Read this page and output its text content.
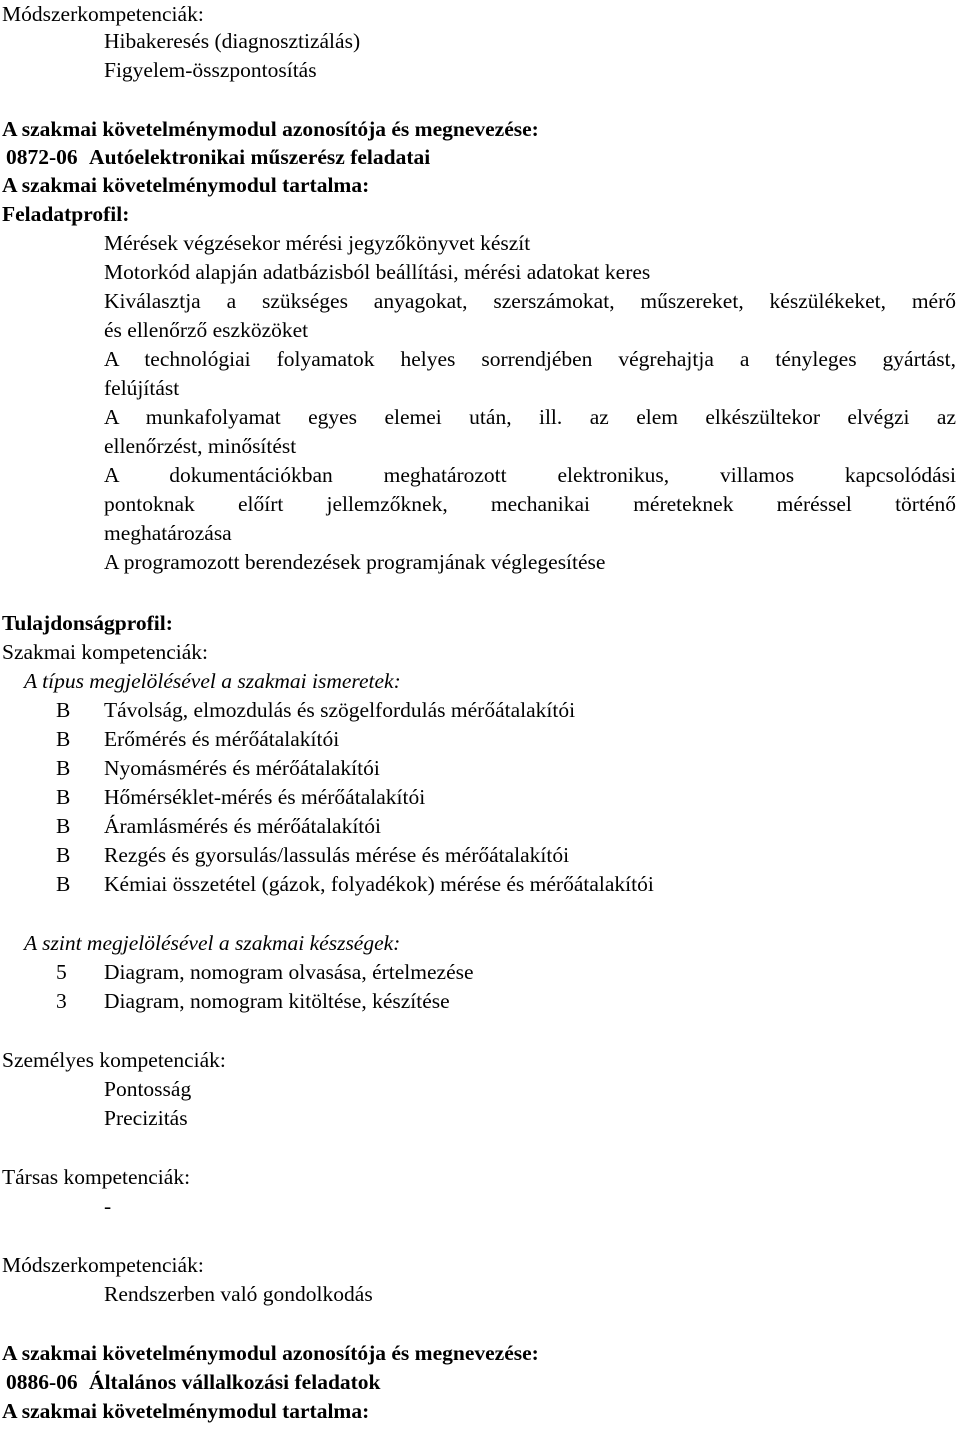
Módszerkompetenciák:
Hibakeresés (diagnosztizálás)
Figyelem-összpontosítás
A szakmai követelménymodul azonosítója és megnevezése:
0872-06 Autóelektronikai műszerész feladatai
A szakmai követelménymodul tartalma:
Feladatprofil:
Mérések végzésekor mérési jegyzőkönyvet készít
Motorkód alapján adatbázisból beállítási, mérési adatokat keres
Kiválasztja a szükséges anyagokat, szerszámokat, műszereket, készülékeket, mérő
és ellenőrző eszközöket
A technológiai folyamatok helyes sorrendjében végrehajtja a tényleges gyártást,
felújítást
A munkafolyamat egyes elemei után, ill. az elem elkészültekor elvégzi az
ellenőrzést, minősítést
A dokumentációkban meghatározott elektronikus, villamos kapcsolódási
pontoknak előírt jellemzőknek, mechanikai méreteknek méréssel történő
meghatározása
A programozott berendezések programjának véglegesítése
Tulajdonságprofil:
Szakmai kompetenciák:
A típus megjelölésével a szakmai ismeretek:
B Távolság, elmozdulás és szögelfordulás mérőátalakítói
B Erőmérés és mérőátalakítói
B Nyomásmérés és mérőátalakítói
B Hőmérséklet-mérés és mérőátalakítói
B Áramlásmérés és mérőátalakítói
B Rezgés és gyorsulás/lassulás mérése és mérőátalakítói
B Kémiai összetétel (gázok, folyadékok) mérése és mérőátalakítói
A szint megjelölésével a szakmai készségek:
5 Diagram, nomogram olvasása, értelmezése
3 Diagram, nomogram kitöltése, készítése
Személyes kompetenciák:
Pontosság
Precizitás
Társas kompetenciák:
-
Módszerkompetenciák:
Rendszerben való gondolkodás
A szakmai követelménymodul azonosítója és megnevezése:
0886-06 Általános vállalkozási feladatok
A szakmai követelménymodul tartalma:
